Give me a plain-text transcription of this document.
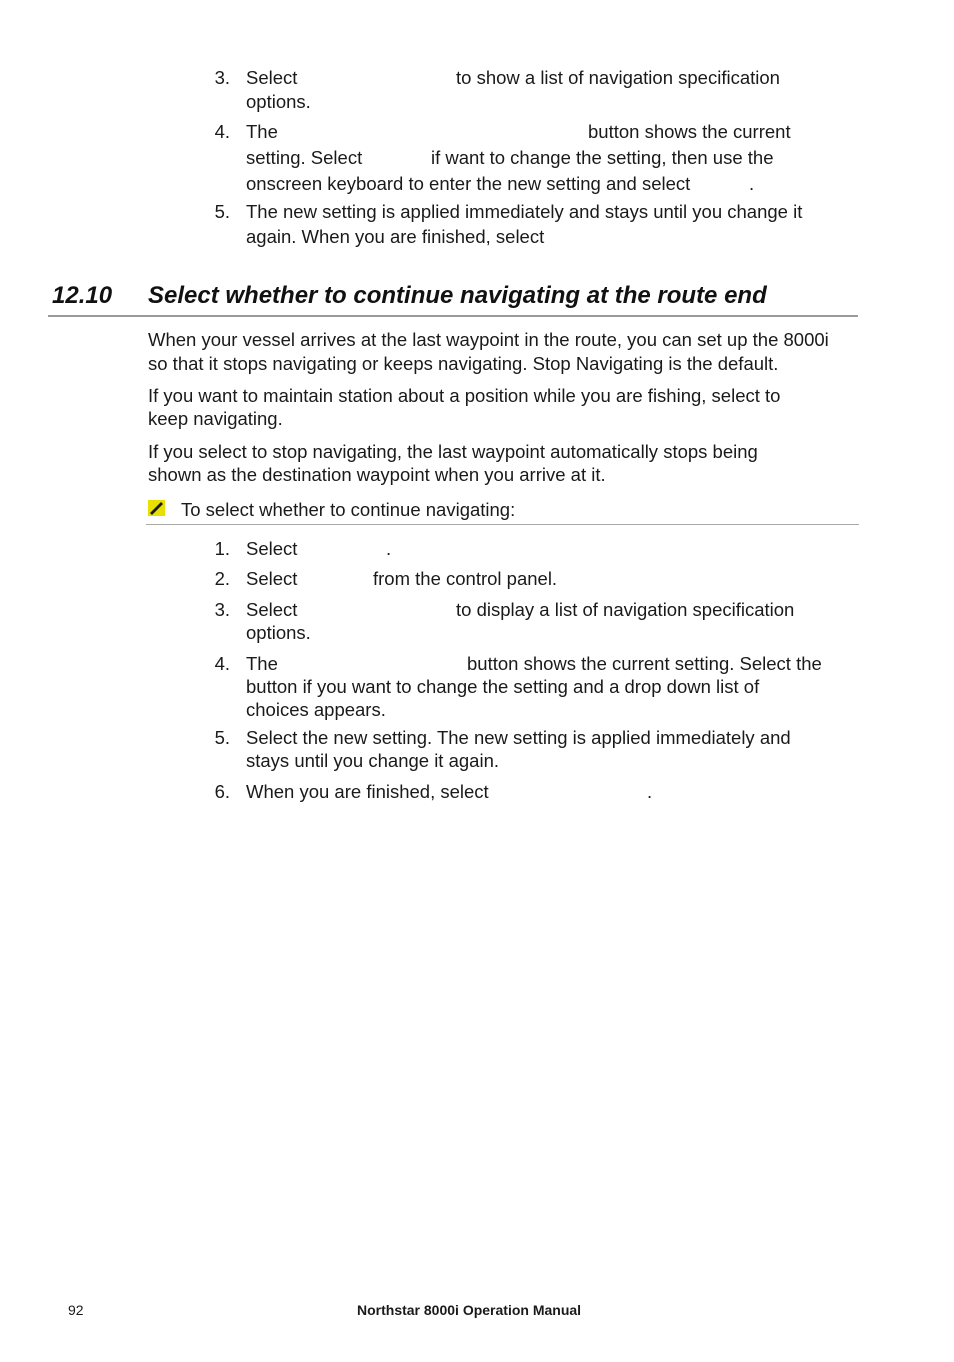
3. Select	to show a list of navigation specification
options.
4. The	button shows the current
setting. Select	if want to change the setting, then use the
onscreen keyboard to enter the new setting and select	.
5. The new setting is applied immediately and stays until you change it
again. When you are finished, select
12.10 Select whether to continue navigating at the route end
When your vessel arrives at the last waypoint in the route, you can set up the 8000i
so that it stops navigating or keeps navigating. Stop Navigating is the default.
If you want to maintain station about a position while you are fishing, select to
keep navigating.
If you select to stop navigating, the last waypoint automatically stops being
shown as the destination waypoint when you arrive at it.
To select whether to continue navigating:
1. Select	.
2. Select	from the control panel.
3. Select	to display a list of navigation specification
options.
4. The	button shows the current setting. Select the
button if you want to change the setting and a drop down list of
choices appears.
5. Select the new setting. The new setting is applied immediately and
stays until you change it again.
6. When you are finished, select	.
92	Northstar 8000i Operation Manual
